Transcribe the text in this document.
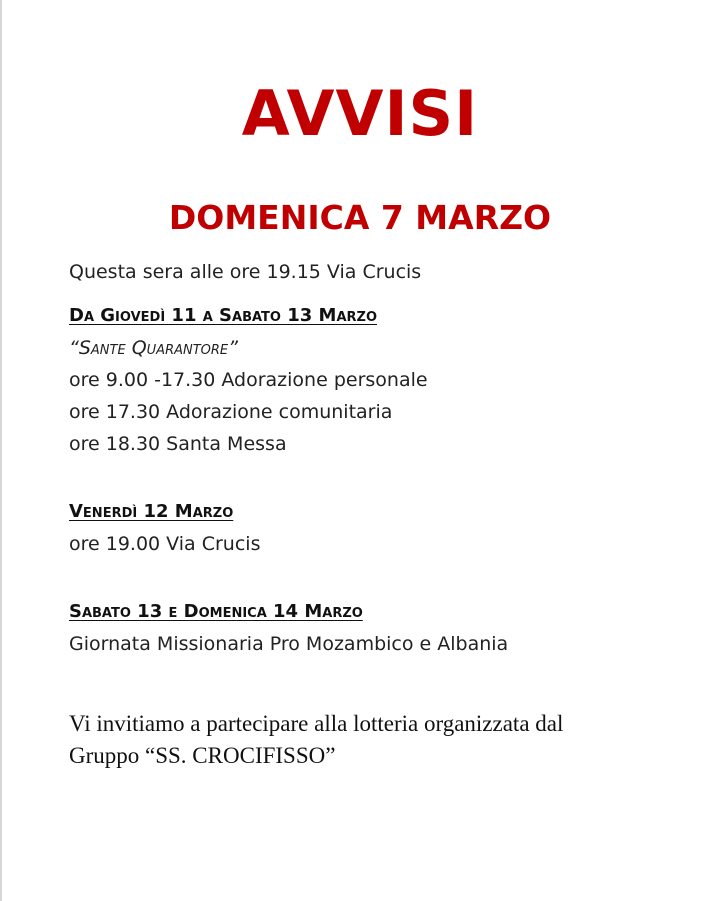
AVVISI
DOMENICA 7 MARZO
Questa sera alle ore 19.15 Via Crucis
Da Giovedì 11 a Sabato 13 Marzo
“Sante Quarantore”
ore 9.00 -17.30 Adorazione personale
ore 17.30 Adorazione comunitaria
ore 18.30 Santa Messa
Venerdì 12 Marzo
ore 19.00 Via Crucis
Sabato 13 e Domenica 14 Marzo
Giornata Missionaria Pro Mozambico e Albania
Vi invitiamo a partecipare alla lotteria organizzata dal
Gruppo “SS. CROCIFISSO”
